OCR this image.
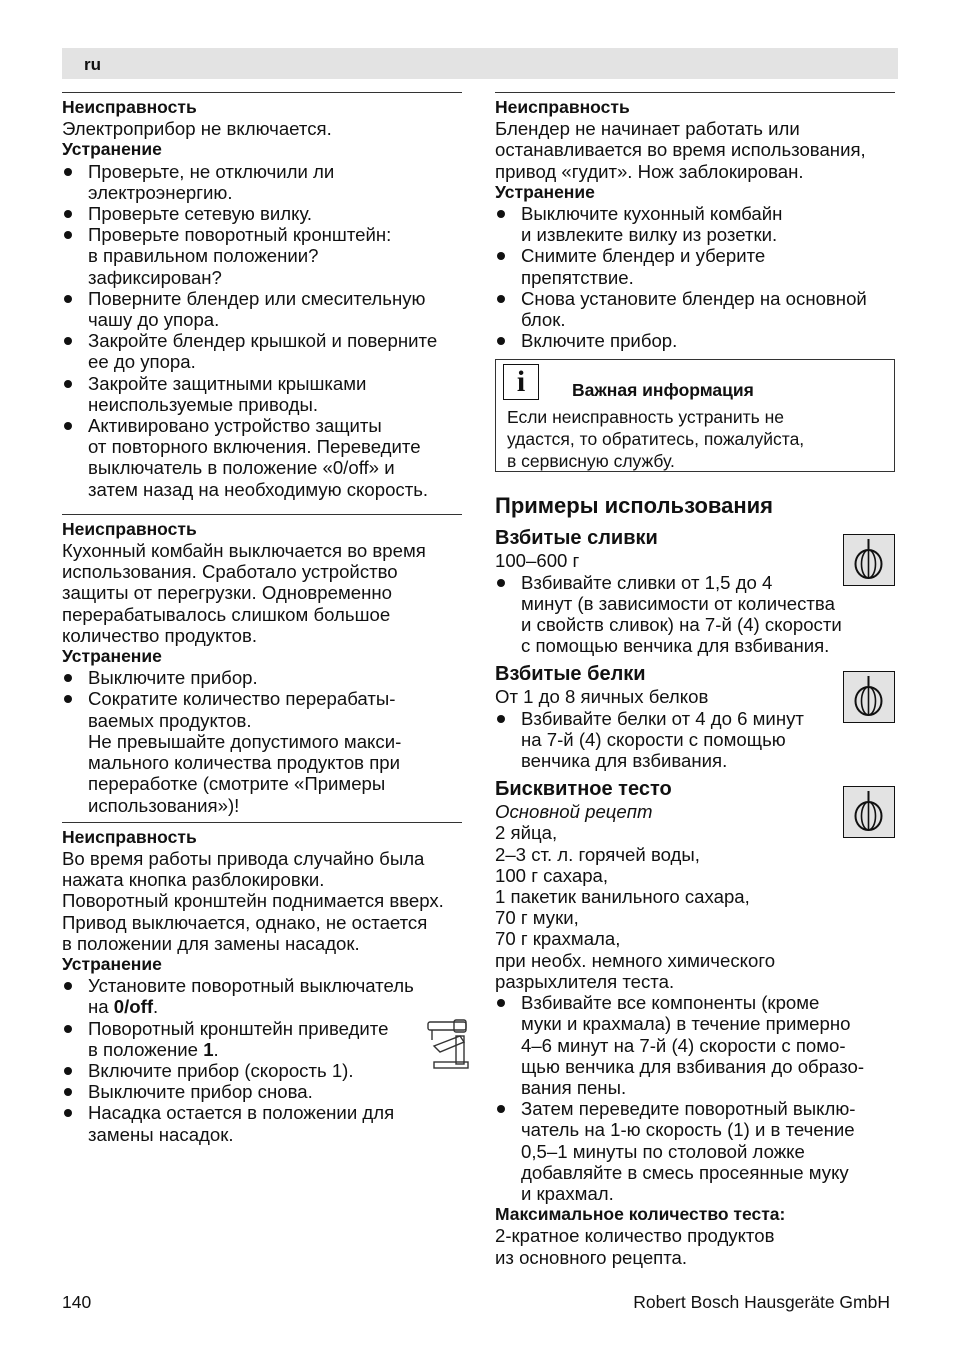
ru
Неисправность
Электроприбор не включается.
Устранение
Проверьте, не отключили ли
электроэнергию.
Проверьте сетевую вилку.
Проверьте поворотный кронштейн:
в правильном положении?
зафиксирован?
Поверните блендер или смесительную
чашу до упора.
Закройте блендер крышкой и поверните
ее до упора.
Закройте защитными крышками
неиспользуемые приводы.
Активировано устройство защиты
от повторного включения. Переведите
выключатель в положение «0/off» и
затем назад на необходимую скорость.
Неисправность
Кухонный комбайн выключается во время
использования. Сработало устройство
защиты от перегрузки. Одновременно
перерабатывалось слишком большое
количество продуктов.
Устранение
Выключите прибор.
Сократите количество перерабаты-
ваемых продуктов.
Не превышайте допустимого макси-
мального количества продуктов при
переработке (смотрите «Примеры
использования»)!
Неисправность
Во время работы привода случайно была
нажата кнопка разблокировки.
Поворотный кронштейн поднимается вверх.
Привод выключается, однако, не остается
в положении для замены насадок.
Устранение
Установите поворотный выключатель
на 0/off.
Поворотный кронштейн приведите
в положение 1.
Включите прибор (скорость 1).
Выключите прибор снова.
Насадка остается в положении для
замены насадок.
Неисправность
Блендер не начинает работать или
останавливается во время использования,
привод «гудит». Нож заблокирован.
Устранение
Выключите кухонный комбайн
и извлеките вилку из розетки.
Снимите блендер и уберите
препятствие.
Снова установите блендер на основной
блок.
Включите прибор.
i	Важная информация
Если неисправность устранить не
удастся, то обратитесь, пожалуйста,
в сервисную службу.
Примеры использования
Взбитые сливки
100–600 г
Взбивайте сливки от 1,5 до 4
минут (в зависимости от количества
и свойств сливок) на 7-й (4) скорости
с помощью венчика для взбивания.
Взбитые белки
От 1 до 8 яичных белков
Взбивайте белки от 4 до 6 минут
на 7-й (4) скорости с помощью
венчика для взбивания.
Бисквитное тесто
Основной рецепт
2 яйца,
2–3 ст. л. горячей воды,
100 г сахара,
1 пакетик ванильного сахара,
70 г муки,
70 г крахмала,
при необх. немного химического
разрыхлителя теста.
Взбивайте все компоненты (кроме
муки и крахмала) в течение примерно
4–6 минут на 7-й (4) скорости с помо-
щью венчика для взбивания до образо-
вания пены.
Затем переведите поворотный выклю-
чатель на 1-ю скорость (1) и в течение
0,5–1 минуты по столовой ложке
добавляйте в смесь просеянные муку
и крахмал.
Максимальное количество теста:
2-кратное количество продуктов
из основного рецепта.
140	Robert Bosch Hausgeräte GmbH
